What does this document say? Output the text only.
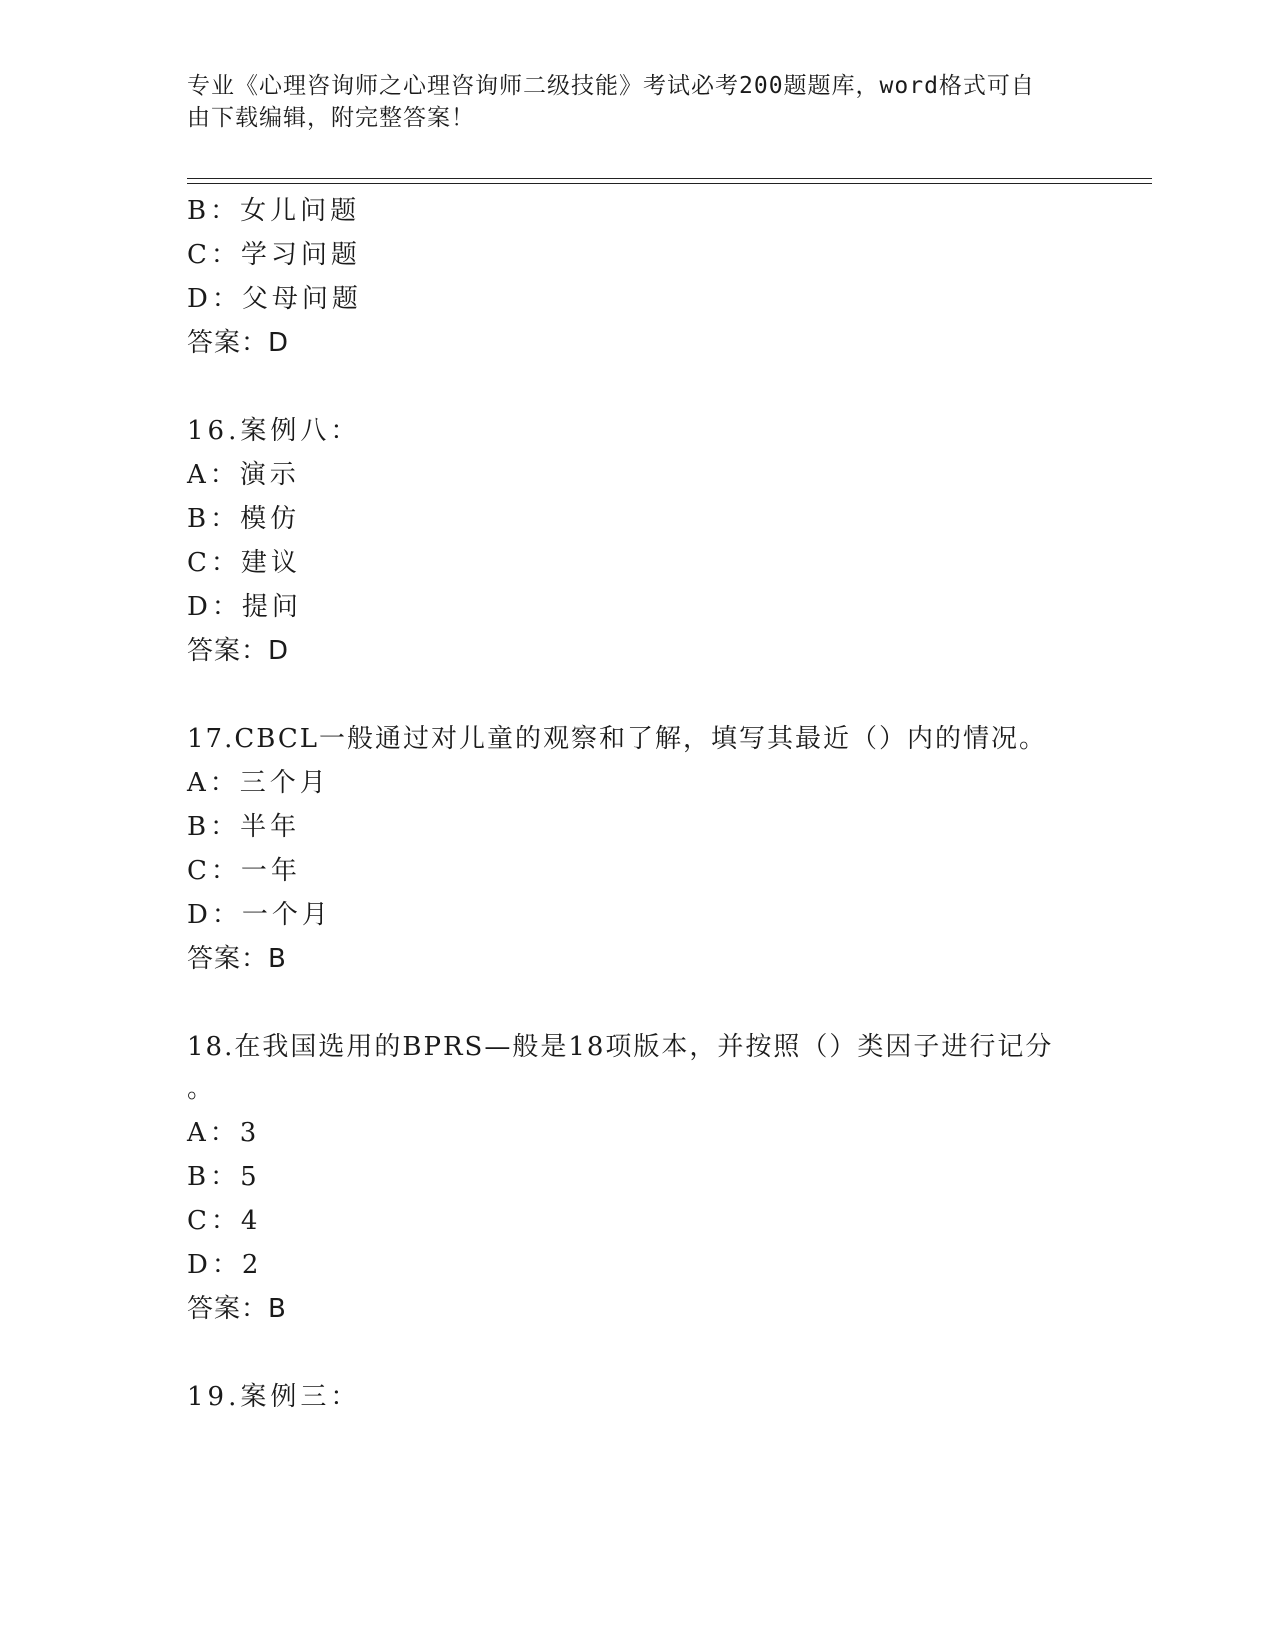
专业《心理咨询师之心理咨询师二级技能》考试必考200题题库，word格式可自
由下载编辑，附完整答案！
B：女儿问题
C：学习问题
D：父母问题
答案：D
16.案例八：
A：演示
B：模仿
C：建议
D：提问
答案：D
17.CBCL一般通过对儿童的观察和了解，填写其最近（）内的情况。
A：三个月
B：半年
C：一年
D：一个月
答案：B
18.在我国选用的BPRS—般是18项版本，并按照（）类因子进行记分
。
A：3
B：5
C：4
D：2
答案：B
19.案例三：
